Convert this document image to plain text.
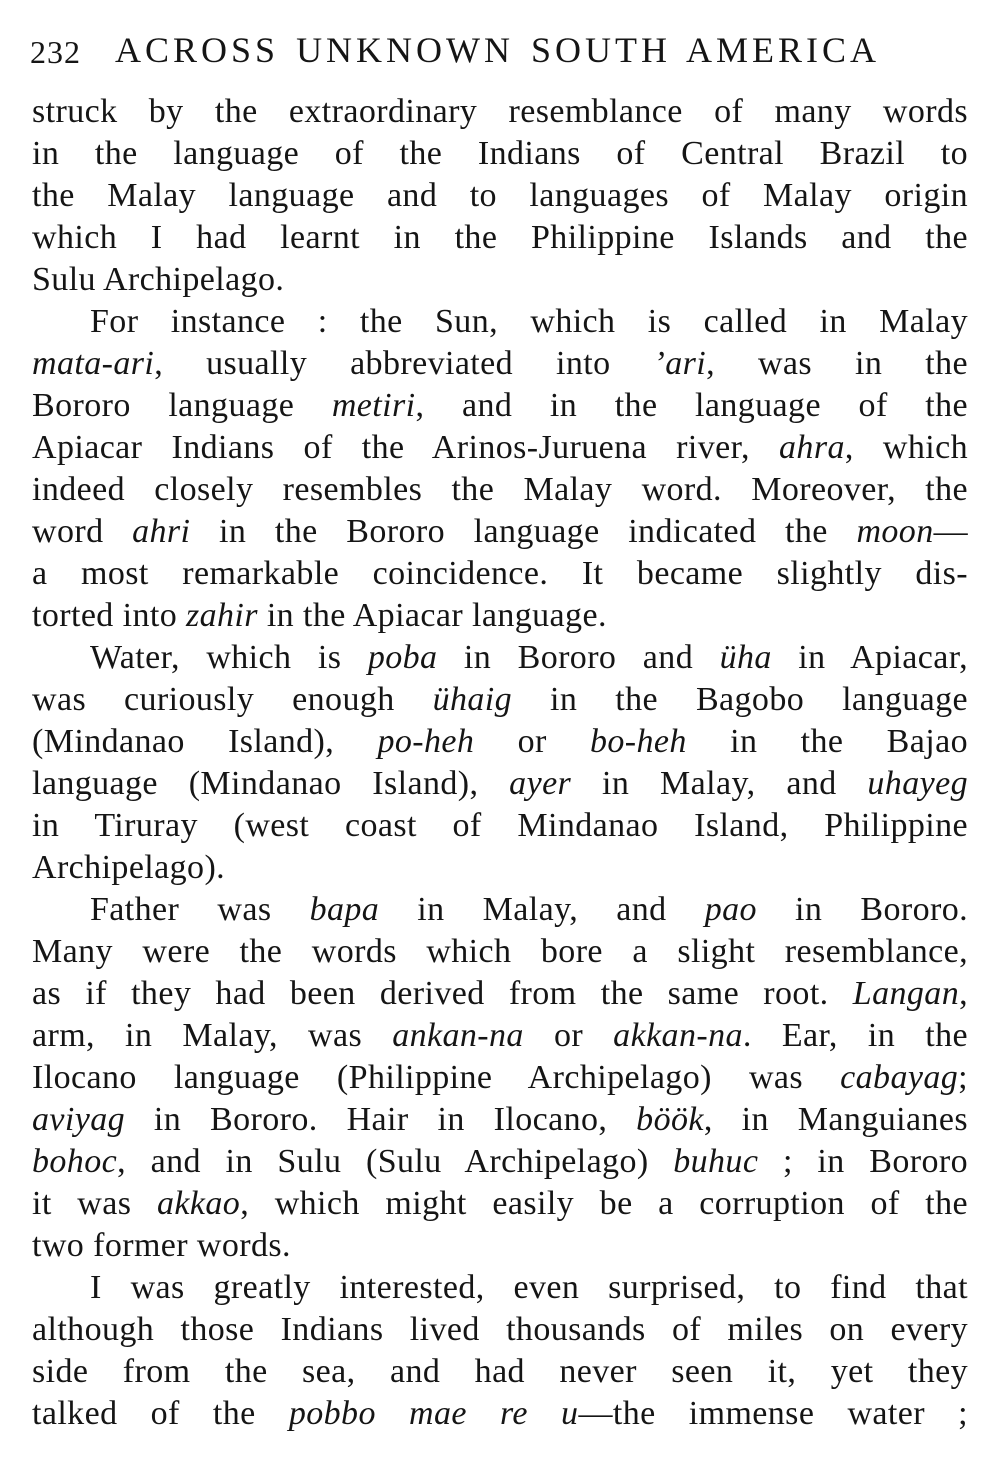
232 ACROSS UNKNOWN SOUTH AMERICA
struck by the extraordinary resemblance of many words
in the language of the Indians of Central Brazil to
the Malay language and to languages of Malay origin
which I had learnt in the Philippine Islands and the
Sulu Archipelago.
For instance : the Sun, which is called in Malay
mata-ari, usually abbreviated into ’ari, was in the
Bororo language metiri, and in the language of the
Apiacar Indians of the Arinos-Juruena river, ahra, which
indeed closely resembles the Malay word. Moreover, the
word ahri in the Bororo language indicated the moon—
a most remarkable coincidence. It became slightly dis-
torted into zahir in the Apiacar language.
Water, which is poba in Bororo and üha in Apiacar,
was curiously enough ühaig in the Bagobo language
(Mindanao Island), po-heh or bo-heh in the Bajao
language (Mindanao Island), ayer in Malay, and uhayeg
in Tiruray (west coast of Mindanao Island, Philippine
Archipelago).
Father was bapa in Malay, and pao in Bororo.
Many were the words which bore a slight resemblance,
as if they had been derived from the same root. Langan,
arm, in Malay, was ankan-na or akkan-na. Ear, in the
Ilocano language (Philippine Archipelago) was cabayag;
aviyag in Bororo. Hair in Ilocano, böök, in Manguianes
bohoc, and in Sulu (Sulu Archipelago) buhuc ; in Bororo
it was akkao, which might easily be a corruption of the
two former words.
I was greatly interested, even surprised, to find that
although those Indians lived thousands of miles on every
side from the sea, and had never seen it, yet they
talked of the pobbo mae re u—the immense water ;
